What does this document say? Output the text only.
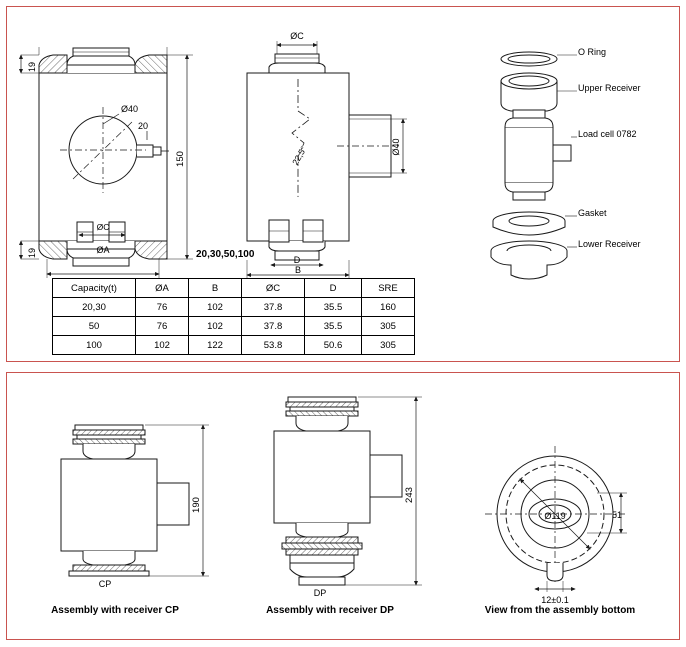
19
19
150
Ø40
20
ØC
ØA
ØC
Ø40
22,5°
D
B
20,30,50,100
O Ring
Upper Receiver
Load cell 0782
Gasket
Lower Receiver
Capacity(t)	ØA	B	ØC	D	SRE
20,30	76	102	37.8	35.5	160
50	76	102	37.8	35.5	305
100	102	122	53.8	50.6	305
190
243
Ø119	51
12±0.1
CP
DP
Assembly with receiver CP	Assembly with receiver DP	View from the assembly bottom
